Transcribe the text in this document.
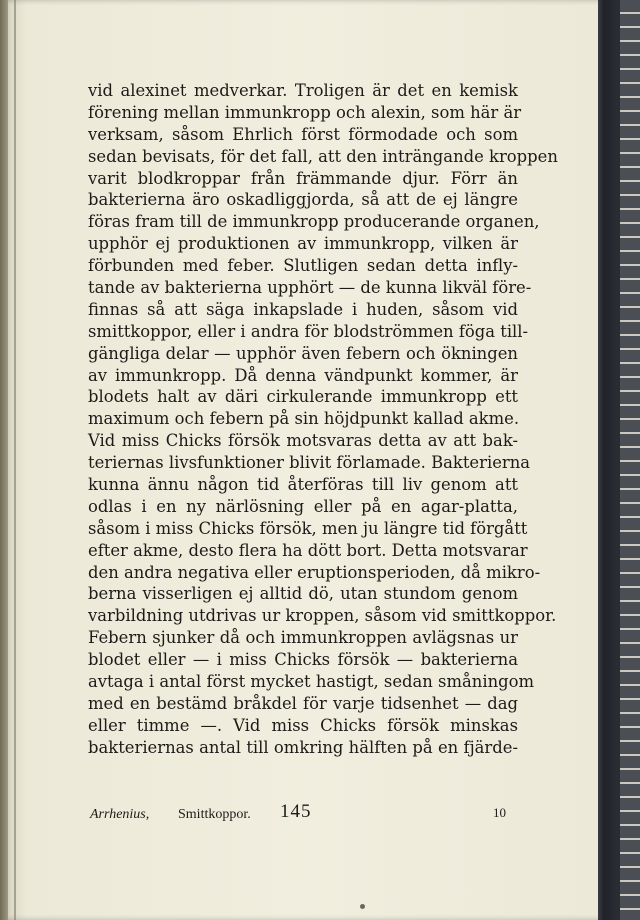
vid alexinet medverkar. Troligen är det en kemisk
förening mellan immunkropp och alexin, som här är
verksam, såsom Ehrlich först förmodade och som
sedan bevisats, för det fall, att den inträngande kroppen
varit blodkroppar från främmande djur. Förr än
bakterierna äro oskadliggjorda, så att de ej längre
föras fram till de immunkropp producerande organen,
upphör ej produktionen av immunkropp, vilken är
förbunden med feber. Slutligen sedan detta infly-
tande av bakterierna upphört — de kunna likväl före-
finnas så att säga inkapslade i huden, såsom vid
smittkoppor, eller i andra för blodströmmen föga till-
gängliga delar — upphör även febern och ökningen
av immunkropp. Då denna vändpunkt kommer, är
blodets halt av däri cirkulerande immunkropp ett
maximum och febern på sin höjdpunkt kallad akme.
Vid miss Chicks försök motsvaras detta av att bak-
teriernas livsfunktioner blivit förlamade. Bakterierna
kunna ännu någon tid återföras till liv genom att
odlas i en ny närlösning eller på en agar-platta,
såsom i miss Chicks försök, men ju längre tid förgått
efter akme, desto flera ha dött bort. Detta motsvarar
den andra negativa eller eruptionsperioden, då mikro-
berna visserligen ej alltid dö, utan stundom genom
varbildning utdrivas ur kroppen, såsom vid smittkoppor.
Febern sjunker då och immunkroppen avlägsnas ur
blodet eller — i miss Chicks försök — bakterierna
avtaga i antal först mycket hastigt, sedan småningom
med en bestämd bråkdel för varje tidsenhet — dag
eller timme —. Vid miss Chicks försök minskas
bakteriernas antal till omkring hälften på en fjärde-
Arrhenius, Smittkoppor. 145	10
